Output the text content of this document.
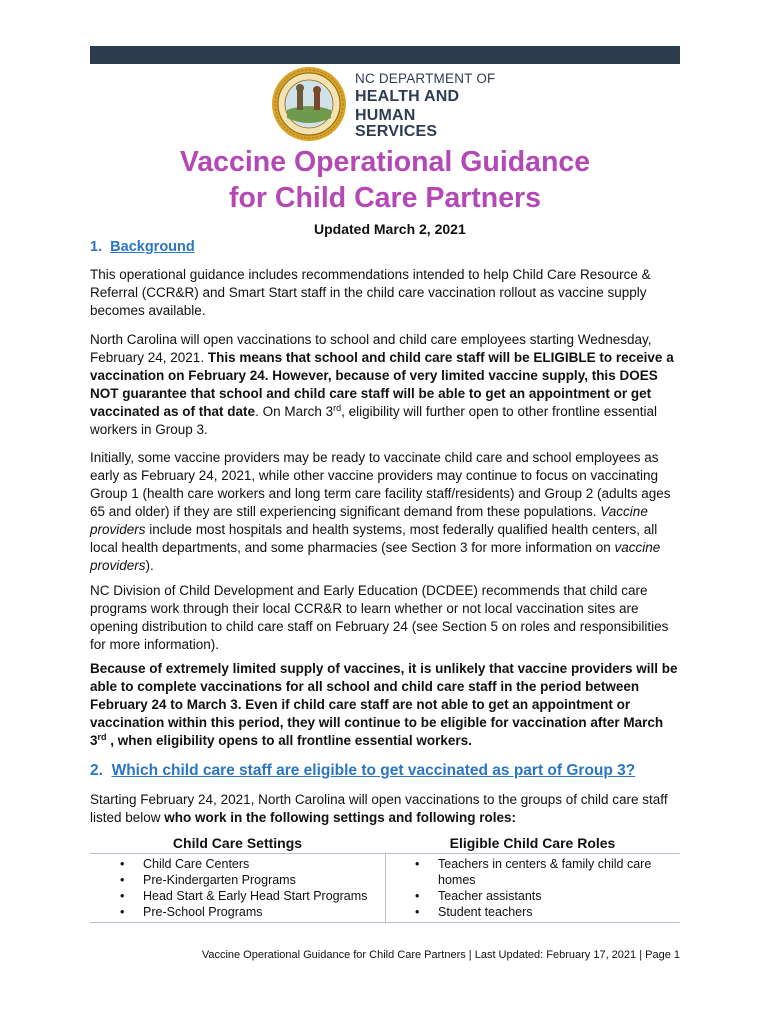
NC DEPARTMENT OF
HEALTH AND
HUMAN SERVICES
Vaccine Operational Guidance
for Child Care Partners
Updated March 2, 2021
1. Background

This operational guidance includes recommendations intended to help Child Care Resource & Referral (CCR&R) and Smart Start staff in the child care vaccination rollout as vaccine supply becomes available.

North Carolina will open vaccinations to school and child care employees starting Wednesday, February 24, 2021. This means that school and child care staff will be ELIGIBLE to receive a vaccination on February 24. However, because of very limited vaccine supply, this DOES NOT guarantee that school and child care staff will be able to get an appointment or get vaccinated as of that date. On March 3rd, eligibility will further open to other frontline essential workers in Group 3.

Initially, some vaccine providers may be ready to vaccinate child care and school employees as early as February 24, 2021, while other vaccine providers may continue to focus on vaccinating Group 1 (health care workers and long term care facility staff/residents) and Group 2 (adults ages 65 and older) if they are still experiencing significant demand from these populations. Vaccine providers include most hospitals and health systems, most federally qualified health centers, all local health departments, and some pharmacies (see Section 3 for more information on vaccine providers).

NC Division of Child Development and Early Education (DCDEE) recommends that child care programs work through their local CCR&R to learn whether or not local vaccination sites are opening distribution to child care staff on February 24 (see Section 5 on roles and responsibilities for more information).

Because of extremely limited supply of vaccines, it is unlikely that vaccine providers will be able to complete vaccinations for all school and child care staff in the period between February 24 to March 3. Even if child care staff are not able to get an appointment or vaccination within this period, they will continue to be eligible for vaccination after March 3rd , when eligibility opens to all frontline essential workers.

2. Which child care staff are eligible to get vaccinated as part of Group 3?

Starting February 24, 2021, North Carolina will open vaccinations to the groups of child care staff listed below who work in the following settings and following roles:

Child Care Settings	Eligible Child Care Roles
• Child Care Centers
• Pre-Kindergarten Programs
• Head Start & Early Head Start Programs
• Pre-School Programs
• Teachers in centers & family child care homes
• Teacher assistants
• Student teachers
Vaccine Operational Guidance for Child Care Partners | Last Updated: February 17, 2021 | Page 1
